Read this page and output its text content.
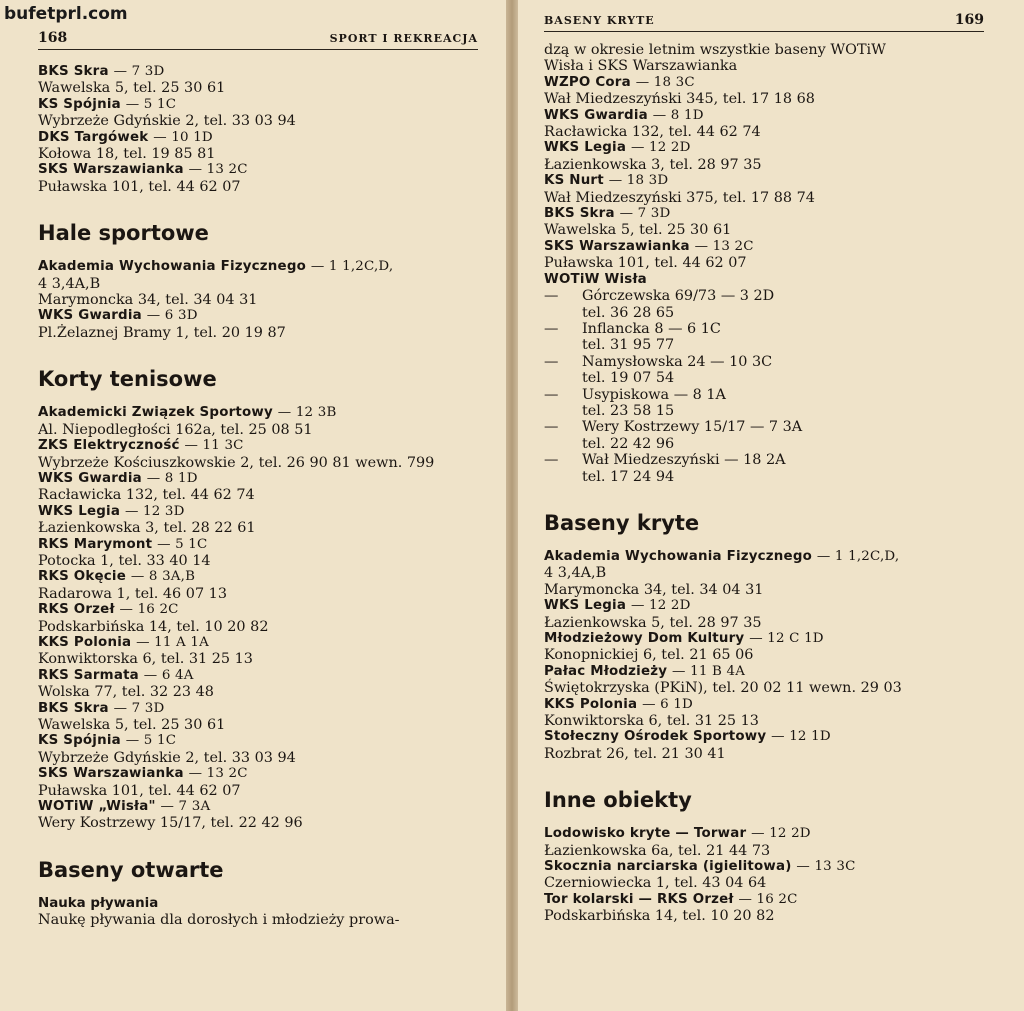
bufetprl.com
168	SPORT I REKREACJA
BKS Skra — 7 3D
Wawelska 5, tel. 25 30 61
KS Spójnia — 5 1C
Wybrzeże Gdyńskie 2, tel. 33 03 94
DKS Targówek — 10 1D
Kołowa 18, tel. 19 85 81
SKS Warszawianka — 13 2C
Puławska 101, tel. 44 62 07
Hale sportowe
Akademia Wychowania Fizycznego — 1 1,2C,D,
4 3,4A,B
Marymoncka 34, tel. 34 04 31
WKS Gwardia — 6 3D
Pl.Żelaznej Bramy 1, tel. 20 19 87
Korty tenisowe
Akademicki Związek Sportowy — 12 3B
Al. Niepodległości 162a, tel. 25 08 51
ZKS Elektryczność — 11 3C
Wybrzeże Kościuszkowskie 2, tel. 26 90 81 wewn. 799
WKS Gwardia — 8 1D
Racławicka 132, tel. 44 62 74
WKS Legia — 12 3D
Łazienkowska 3, tel. 28 22 61
RKS Marymont — 5 1C
Potocka 1, tel. 33 40 14
RKS Okęcie — 8 3A,B
Radarowa 1, tel. 46 07 13
RKS Orzeł — 16 2C
Podskarbińska 14, tel. 10 20 82
KKS Polonia — 11 A 1A
Konwiktorska 6, tel. 31 25 13
RKS Sarmata — 6 4A
Wolska 77, tel. 32 23 48
BKS Skra — 7 3D
Wawelska 5, tel. 25 30 61
KS Spójnia — 5 1C
Wybrzeże Gdyńskie 2, tel. 33 03 94
SKS Warszawianka — 13 2C
Puławska 101, tel. 44 62 07
WOTiW „Wisła" — 7 3A
Wery Kostrzewy 15/17, tel. 22 42 96
Baseny otwarte
Nauka pływania
Naukę pływania dla dorosłych i młodzieży prowa-
BASENY KRYTE	169
dzą w okresie letnim wszystkie baseny WOTiW
Wisła i SKS Warszawianka
WZPO Cora — 18 3C
Wał Miedzeszyński 345, tel. 17 18 68
WKS Gwardia — 8 1D
Racławicka 132, tel. 44 62 74
WKS Legia — 12 2D
Łazienkowska 3, tel. 28 97 35
KS Nurt — 18 3D
Wał Miedzeszyński 375, tel. 17 88 74
BKS Skra — 7 3D
Wawelska 5, tel. 25 30 61
SKS Warszawianka — 13 2C
Puławska 101, tel. 44 62 07
WOTiW Wisła
—	Górczewska 69/73 — 3 2D
tel. 36 28 65
—	Inflancka 8 — 6 1C
tel. 31 95 77
—	Namysłowska 24 — 10 3C
tel. 19 07 54
—	Usypiskowa — 8 1A
tel. 23 58 15
—	Wery Kostrzewy 15/17 — 7 3A
tel. 22 42 96
—	Wał Miedzeszyński — 18 2A
tel. 17 24 94
Baseny kryte
Akademia Wychowania Fizycznego — 1 1,2C,D,
4 3,4A,B
Marymoncka 34, tel. 34 04 31
WKS Legia — 12 2D
Łazienkowska 5, tel. 28 97 35
Młodzieżowy Dom Kultury — 12 C 1D
Konopnickiej 6, tel. 21 65 06
Pałac Młodzieży — 11 B 4A
Świętokrzyska (PKiN), tel. 20 02 11 wewn. 29 03
KKS Polonia — 6 1D
Konwiktorska 6, tel. 31 25 13
Stołeczny Ośrodek Sportowy — 12 1D
Rozbrat 26, tel. 21 30 41
Inne obiekty
Lodowisko kryte — Torwar — 12 2D
Łazienkowska 6a, tel. 21 44 73
Skocznia narciarska (igielitowa) — 13 3C
Czerniowiecka 1, tel. 43 04 64
Tor kolarski — RKS Orzeł — 16 2C
Podskarbińska 14, tel. 10 20 82
